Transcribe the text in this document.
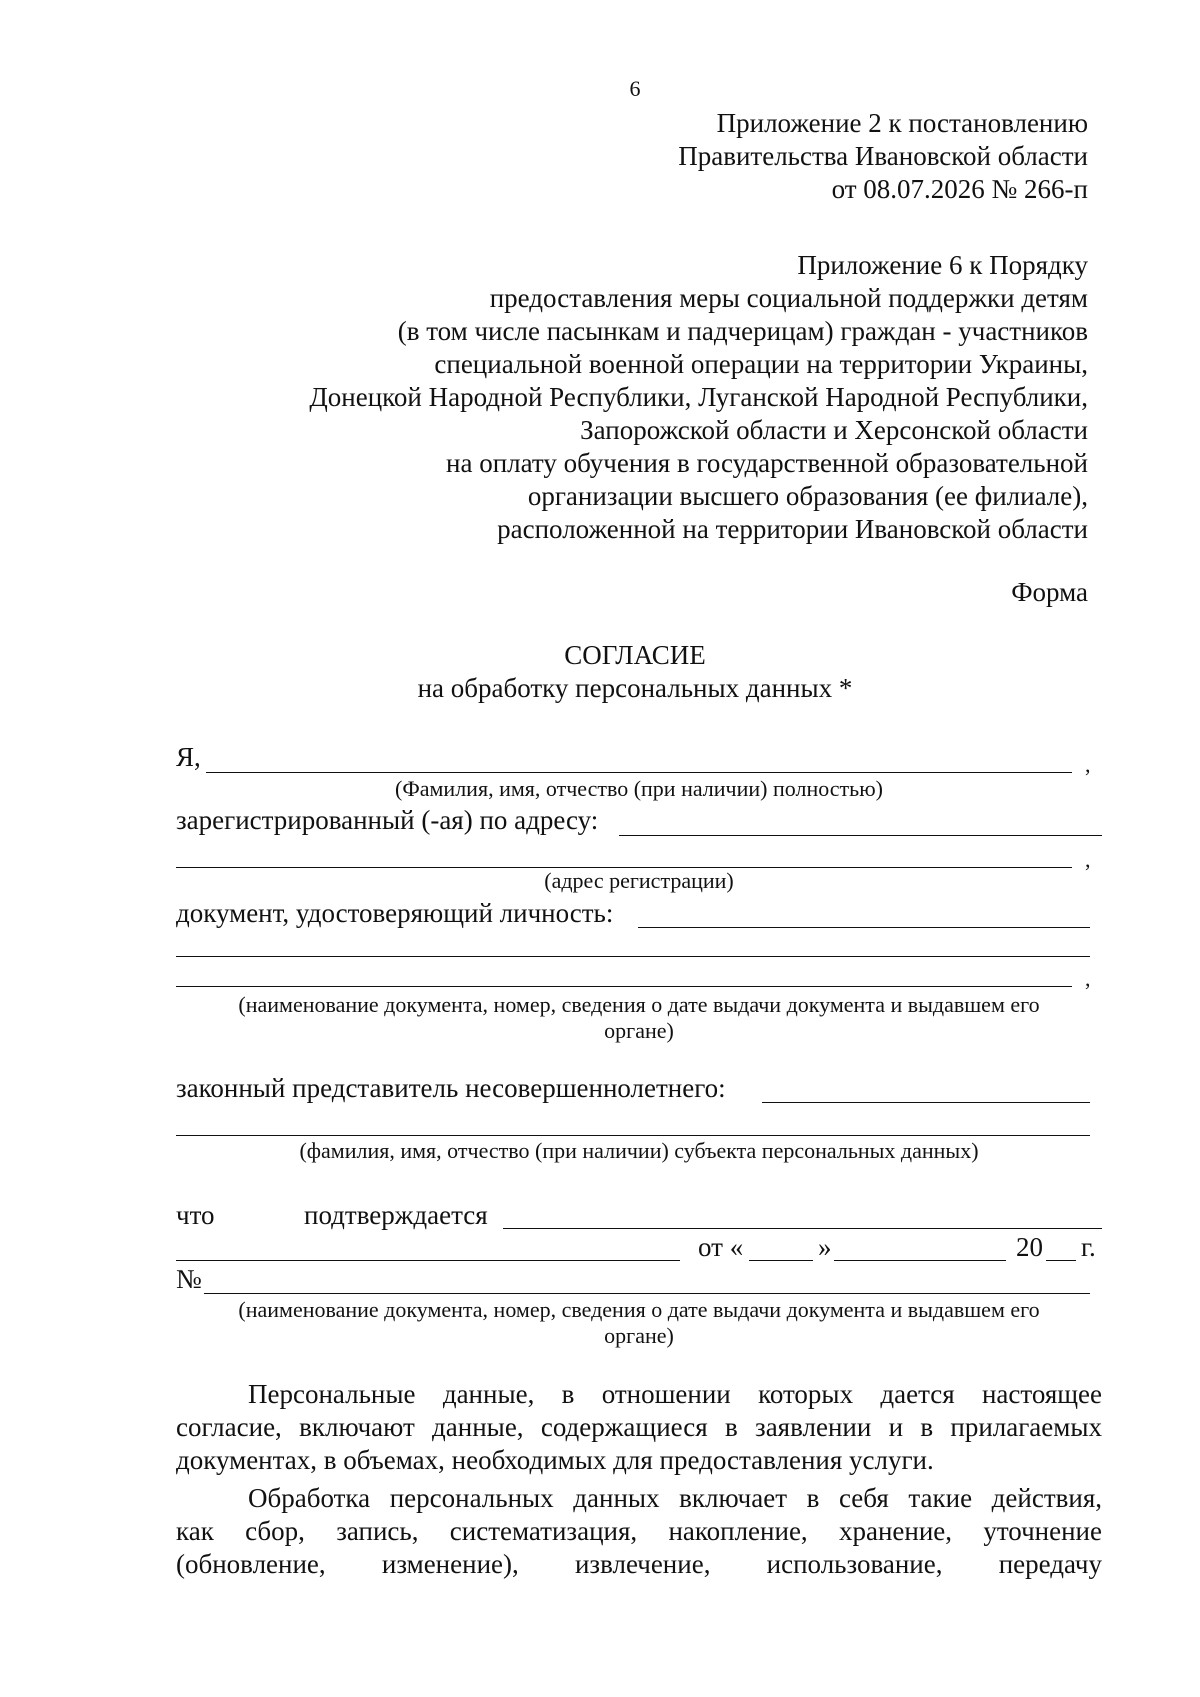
6
Приложение 2 к постановлению
Правительства Ивановской области
от 08.07.2026 № 266-п
Приложение 6 к Порядку
предоставления меры социальной поддержки детям
(в том числе пасынкам и падчерицам) граждан - участников
специальной военной операции на территории Украины,
Донецкой Народной Республики, Луганской Народной Республики,
Запорожской области и Херсонской области
на оплату обучения в государственной образовательной
организации высшего образования (ее филиале),
расположенной на территории Ивановской области
Форма
СОГЛАСИЕ
на обработку персональных данных *
Я,	,
(Фамилия, имя, отчество (при наличии) полностью)
зарегистрированный (-ая) по адресу:
,
(адрес регистрации)
документ, удостоверяющий личность:
,
(наименование документа, номер, сведения о дате выдачи документа и выдавшем его
органе)
законный представитель несовершеннолетнего:
(фамилия, имя, отчество (при наличии) субъекта персональных данных)
что	подтверждается
от «	»	20 г.
№
(наименование документа, номер, сведения о дате выдачи документа и выдавшем его
органе)
Персональные данные, в отношении которых дается настоящее
согласие, включают данные, содержащиеся в заявлении и в прилагаемых
документах, в объемах, необходимых для предоставления услуги.
Обработка персональных данных включает в себя такие действия,
как сбор, запись, систематизация, накопление, хранение, уточнение
(обновление, изменение), извлечение, использование, передачу
